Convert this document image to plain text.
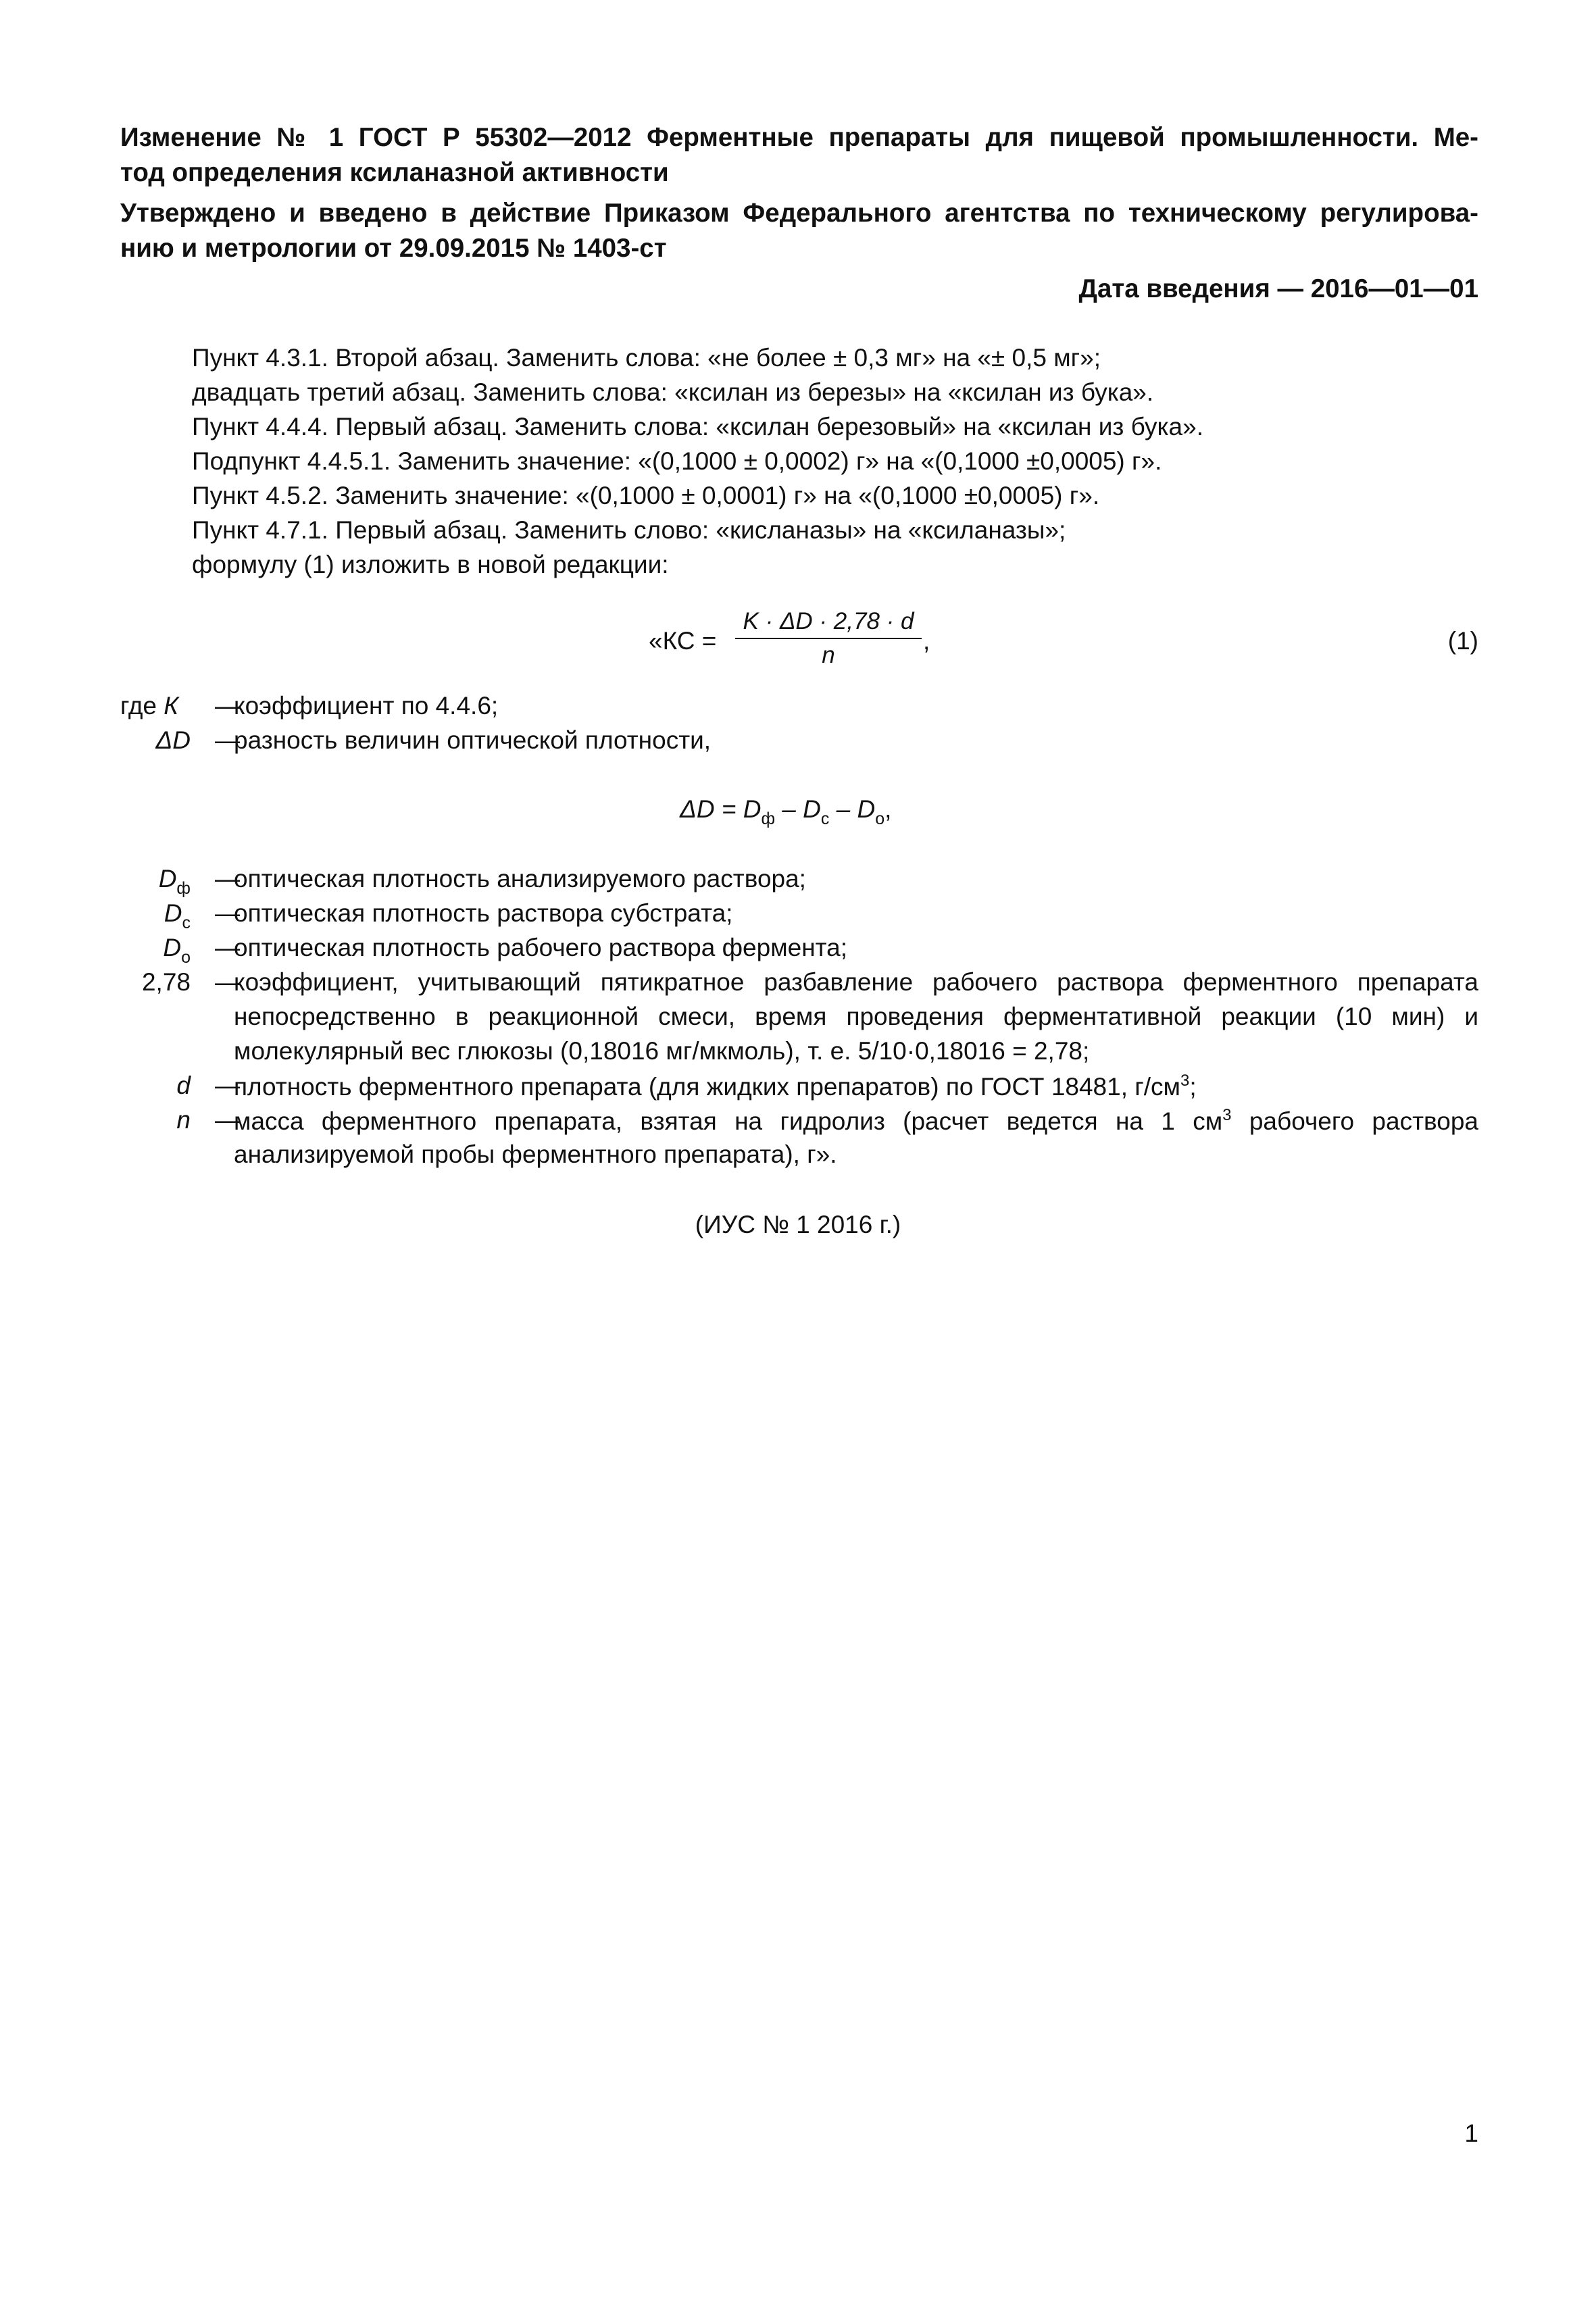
Изменение № 1 ГОСТ Р 55302—2012 Ферментные препараты для пищевой промышленности. Ме-
тод определения ксиланазной активности
Утверждено и введено в действие Приказом Федерального агентства по техническому регулирова-
нию и метрологии от 29.09.2015 № 1403-ст
Дата введения — 2016—01—01
Пункт 4.3.1. Второй абзац. Заменить слова: «не более ± 0,3 мг» на «± 0,5 мг»;
двадцать третий абзац. Заменить слова: «ксилан из березы» на «ксилан из бука».
Пункт 4.4.4. Первый абзац. Заменить слова: «ксилан березовый» на «ксилан из бука».
Подпункт 4.4.5.1. Заменить значение: «(0,1000 ± 0,0002) г» на «(0,1000 ±0,0005) г».
Пункт 4.5.2. Заменить значение: «(0,1000 ± 0,0001) г» на «(0,1000 ±0,0005) г».
Пункт 4.7.1. Первый абзац. Заменить слово: «кисланазы» на «ксиланазы»;
формулу (1) изложить в новой редакции:
«КС =
K · ΔD · 2,78 · d
n
,	(1)
где К —
коэффициент по 4.4.6;
ΔD —
разность величин оптической плотности,
$\Delta D = D_ф - D_с - D_о$,
$D_ф$ —
оптическая плотность анализируемого раствора;
$D_с$ —
оптическая плотность раствора субстрата;
$D_о$ —
оптическая плотность рабочего раствора фермента;
2,78 —
коэффициент, учитывающий пятикратное разбавление рабочего раствора ферментного препарата
непосредственно в реакционной смеси, время проведения ферментативной реакции (10 мин) и
молекулярный вес глюкозы (0,18016 мг/мкмоль), т. е. 5/10·0,18016 = 2,78;
d —
плотность ферментного препарата (для жидких препаратов) по ГОСТ 18481, $г/см^3$;
n —
масса ферментного препарата, взятая на гидролиз (расчет ведется на 1 $см^3$ рабочего раствора
анализируемой пробы ферментного препарата), г».
(ИУС № 1 2016 г.)
1
